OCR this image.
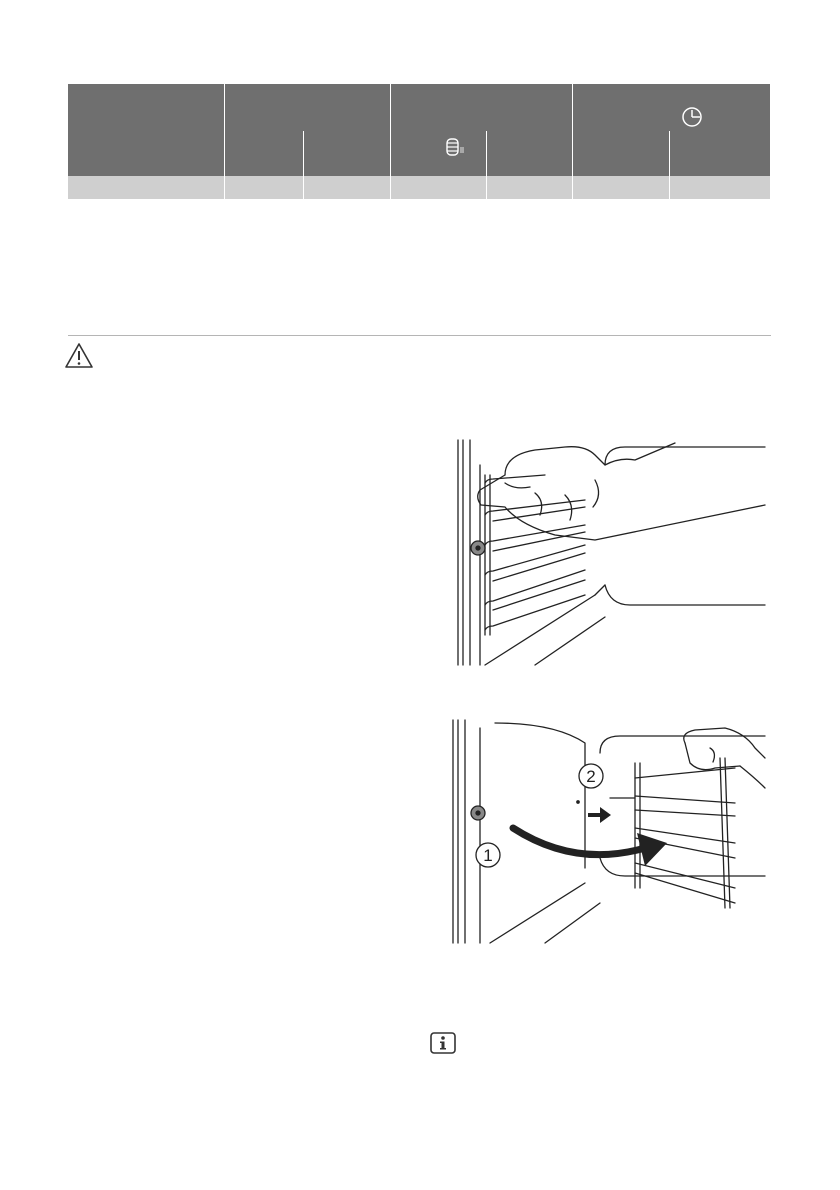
1
2
